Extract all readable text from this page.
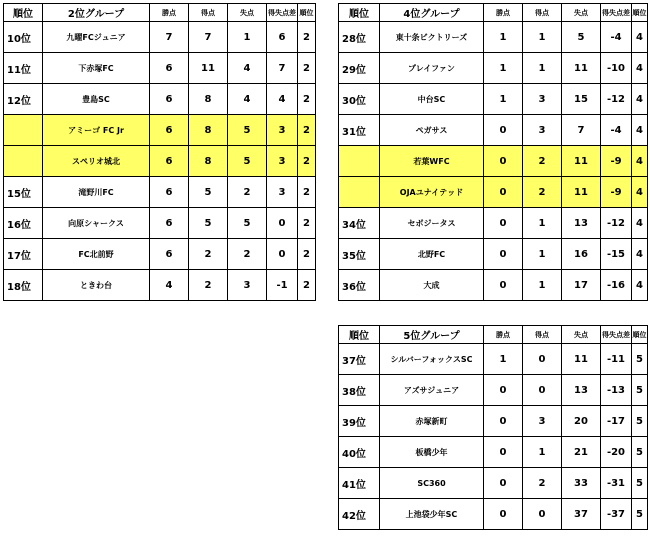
順位	2位グループ	勝点	得点	失点	得失点差	順位
10位	九曜FCジュニア	7	7	1	6	2
11位	下赤塚FC	6	11	4	7	2
12位	豊島SC	6	8	4	4	2
	アミーゴ FC Jr	6	8	5	3	2
	スペリオ城北	6	8	5	3	2
15位	滝野川FC	6	5	2	3	2
16位	向原シャークス	6	5	5	0	2
17位	FC北前野	6	2	2	0	2
18位	ときわ台	4	2	3	-1	2
順位	4位グループ	勝点	得点	失点	得失点差	順位
28位	東十条ビクトリーズ	1	1	5	-4	4
29位	プレイファン	1	1	11	-10	4
30位	中台SC	1	3	15	-12	4
31位	ペガサス	0	3	7	-4	4
	若葉WFC	0	2	11	-9	4
	OJAユナイテッド	0	2	11	-9	4
34位	セボジータス	0	1	13	-12	4
35位	北野FC	0	1	16	-15	4
36位	大成	0	1	17	-16	4
順位	5位グループ	勝点	得点	失点	得失点差	順位
37位	シルバーフォックスSC	1	0	11	-11	5
38位	アズサジュニア	0	0	13	-13	5
39位	赤塚新町	0	3	20	-17	5
40位	板橋少年	0	1	21	-20	5
41位	SC360	0	2	33	-31	5
42位	上池袋少年SC	0	0	37	-37	5
